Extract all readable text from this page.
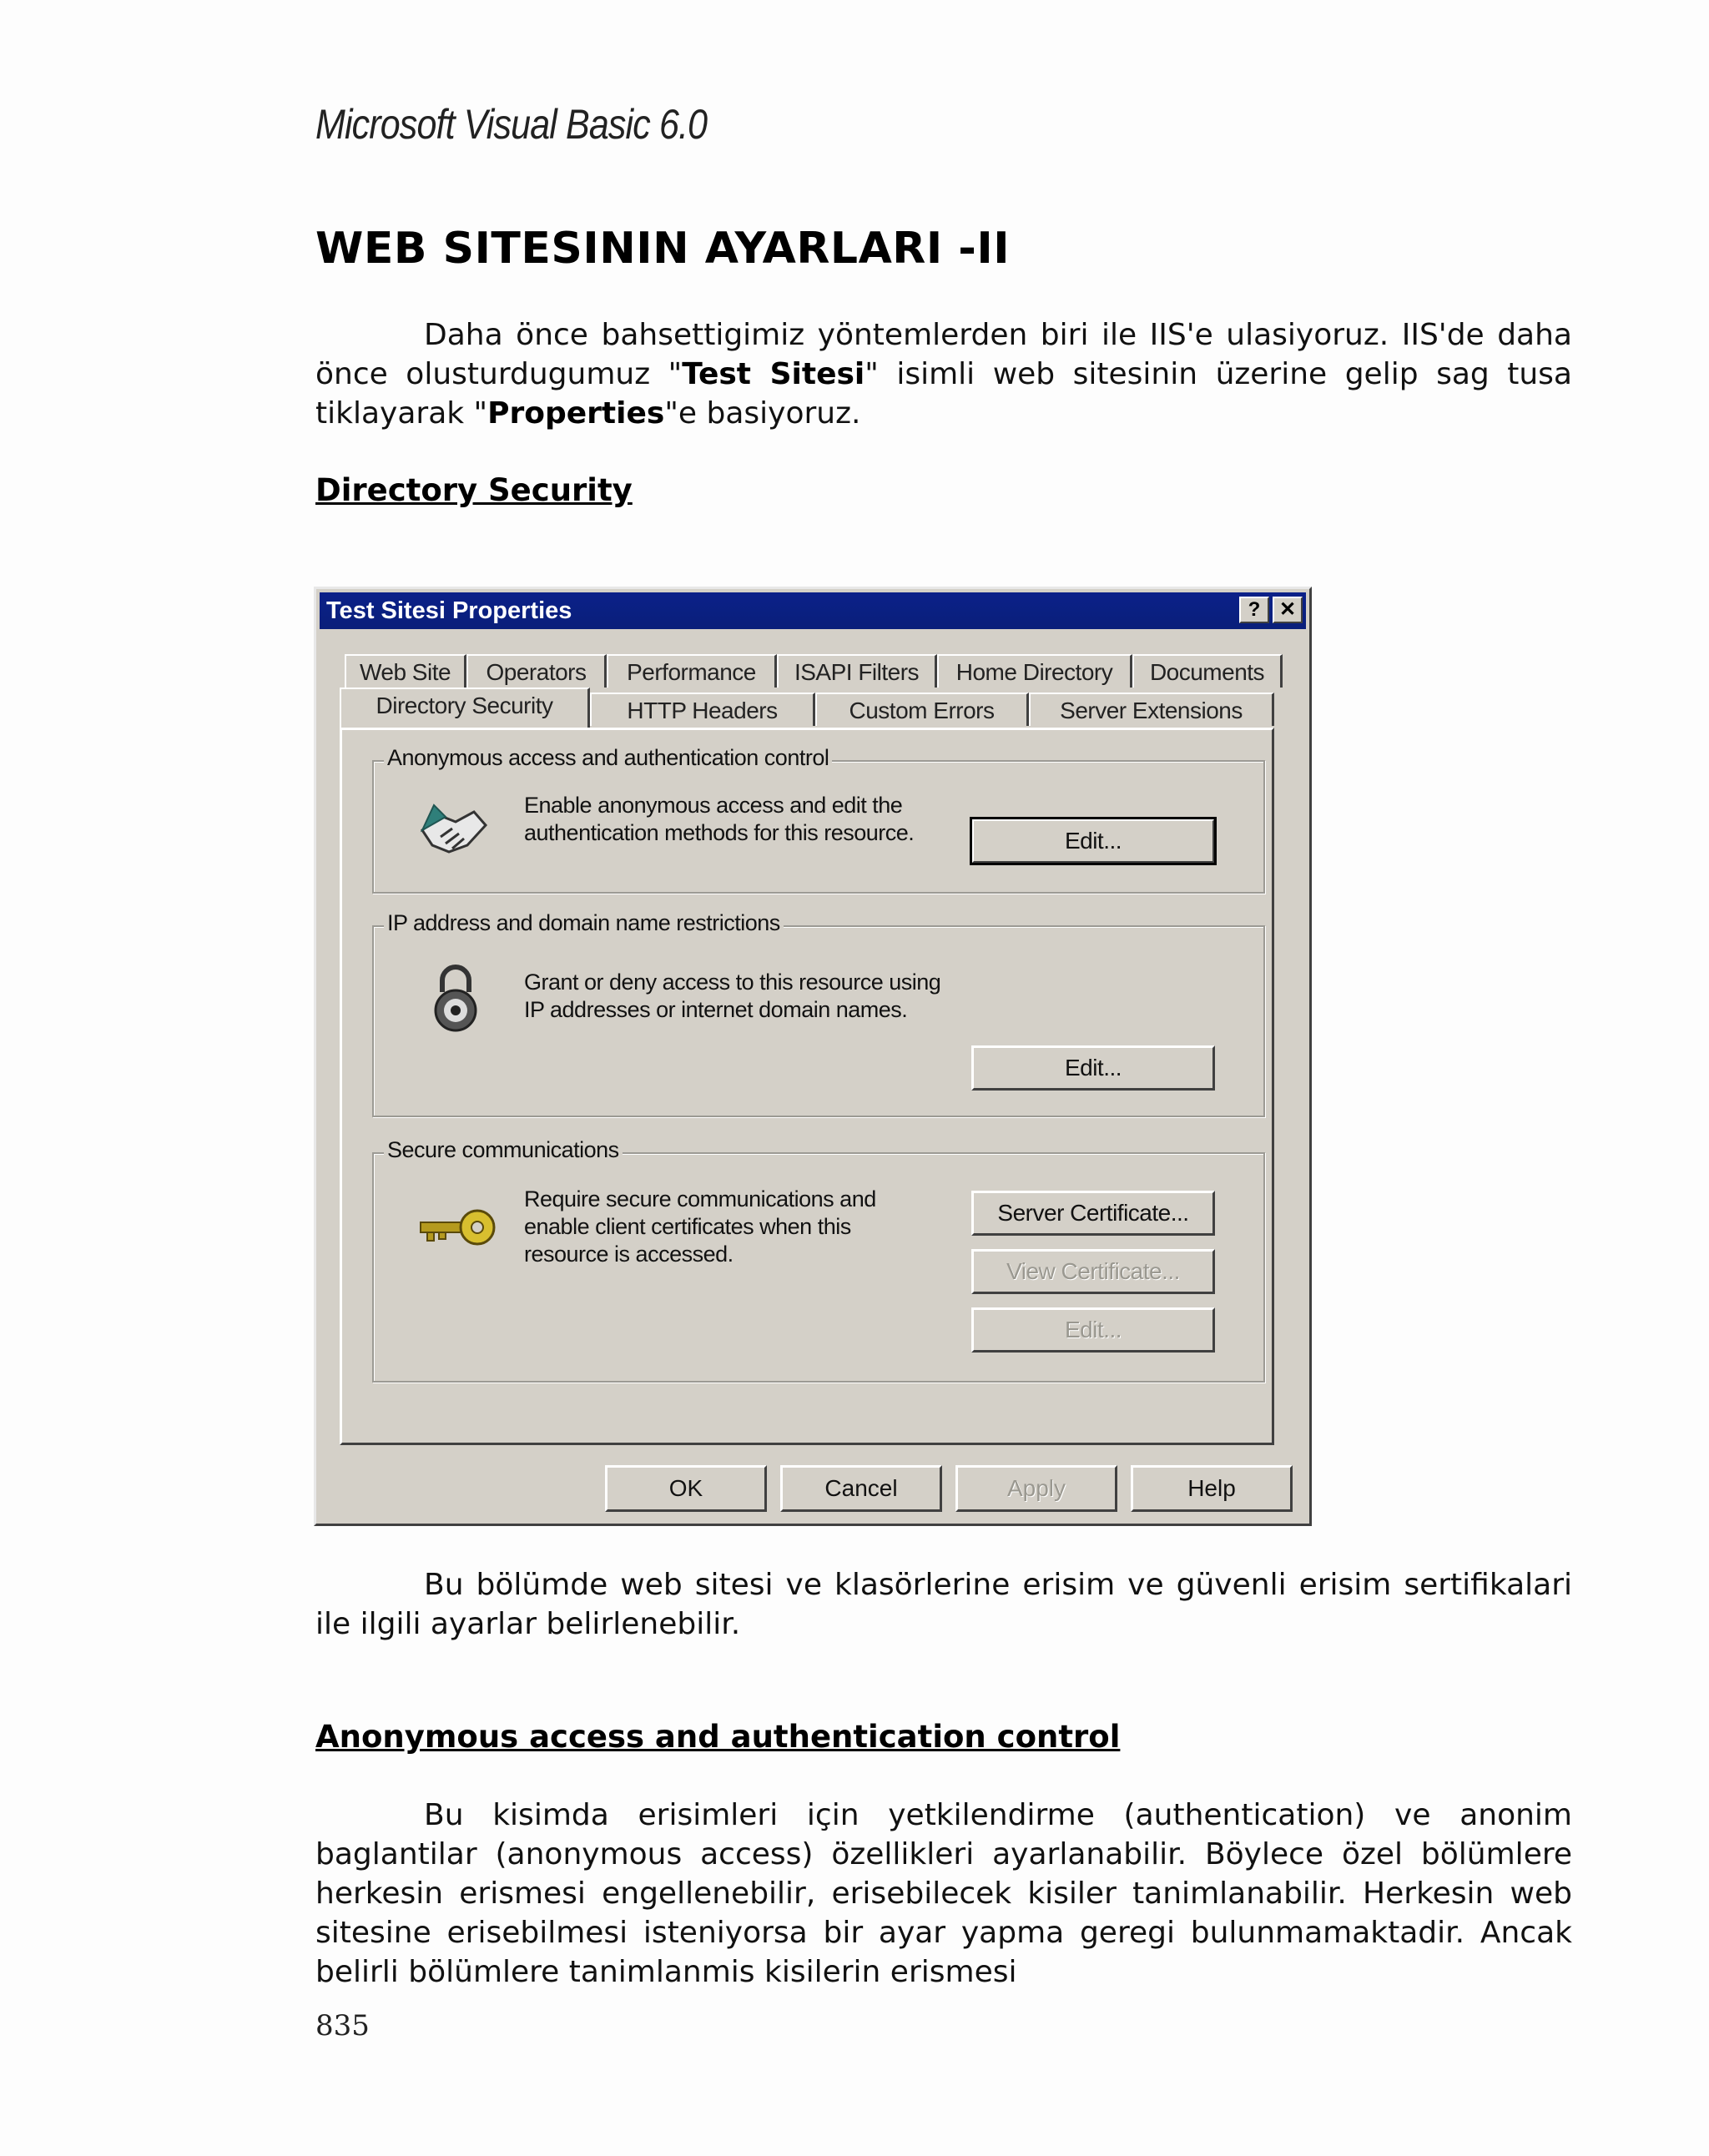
Microsoft Visual Basic 6.0
WEB SITESININ AYARLARI -II
Daha önce bahsettigimiz yöntemlerden biri ile IIS'e ulasiyoruz. IIS'de daha önce olusturdugumuz "Test Sitesi" isimli web sitesinin üzerine gelip sag tusa tiklayarak "Properties"e basiyoruz.
Directory Security
Test Sitesi Properties	? ✕
Web Site	Operators	Performance	ISAPI Filters	Home Directory	Documents
Directory Security	HTTP Headers	Custom Errors	Server Extensions
Anonymous access and authentication control
Enable anonymous access and edit the
authentication methods for this resource.	Edit...
IP address and domain name restrictions
Grant or deny access to this resource using
IP addresses or internet domain names.
Edit...
Secure communications
Require secure communications and
enable client certificates when this
resource is accessed.
Server Certificate...
View Certificate...
Edit...
OK	Cancel	Apply	Help
Bu bölümde web sitesi ve klasörlerine erisim ve güvenli erisim sertifikalari ile ilgili ayarlar belirlenebilir.
Anonymous access and authentication control
Bu kisimda erisimleri için yetkilendirme (authentication) ve anonim baglantilar (anonymous access) özellikleri ayarlanabilir. Böylece özel bölümlere herkesin erismesi engellenebilir, erisebilecek kisiler tanimlanabilir. Herkesin web sitesine erisebilmesi isteniyorsa bir ayar yapma geregi bulunmamaktadir. Ancak belirli bölümlere tanimlanmis kisilerin erismesi
835
